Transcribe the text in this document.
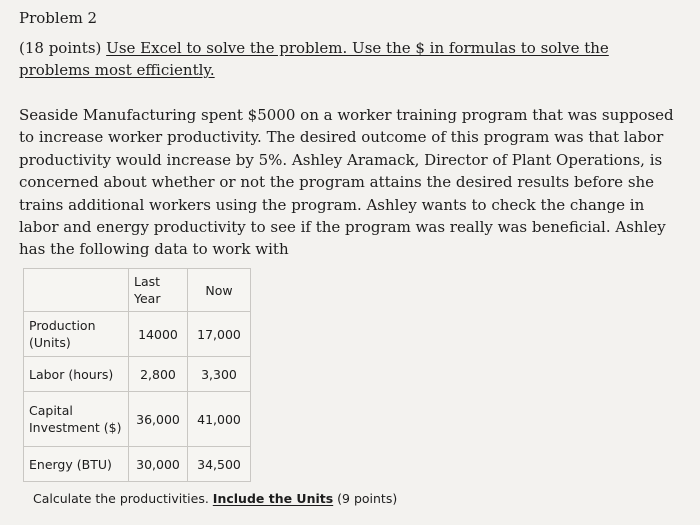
Problem 2
(18 points) Use Excel to solve the problem. Use the $ in formulas to solve the problems most efficiently.
Seaside Manufacturing spent $5000 on a worker training program that was supposed to increase worker productivity. The desired outcome of this program was that labor productivity would increase by 5%. Ashley Aramack, Director of Plant Operations, is concerned about whether or not the program attains the desired results before she trains additional workers using the program. Ashley wants to check the change in labor and energy productivity to see if the program was really was beneficial. Ashley has the following data to work with
	Last Year	Now
Production (Units)	14000	17,000
Labor (hours)	2,800	3,300
Capital Investment ($)	36,000	41,000
Energy (BTU)	30,000	34,500
Calculate the productivities. Include the Units (9 points)
